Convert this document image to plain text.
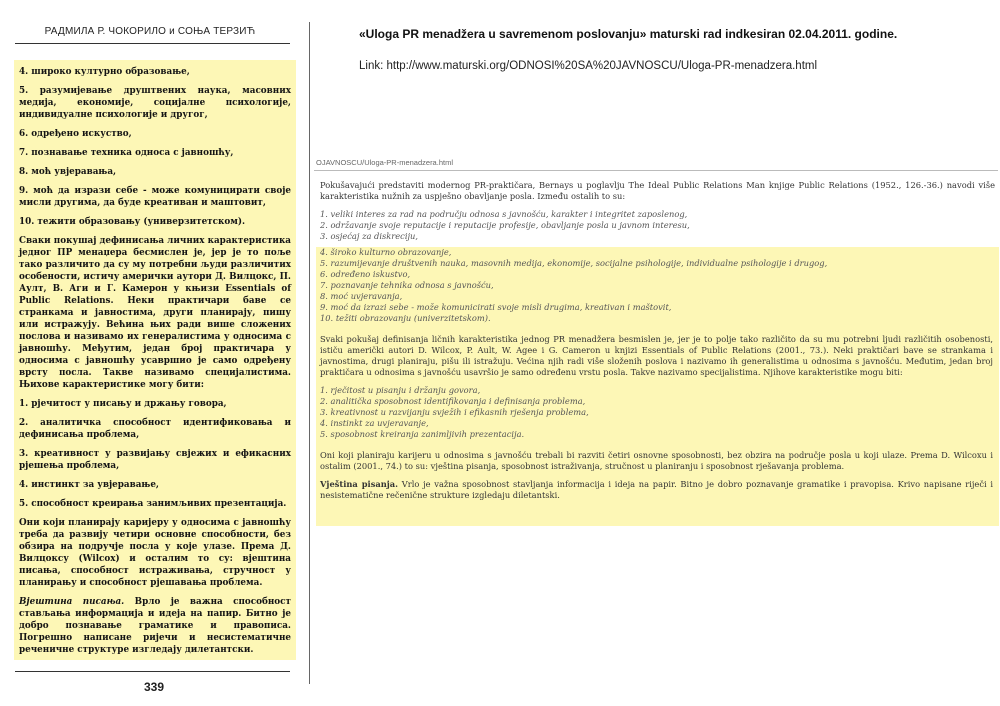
РАДМИЛА Р. ЧОКОРИЛО и СОЊА ТЕРЗИЋ

4. широко културно образовање,

5. разумијевање друштвених наука, масовних медија, економије, социјалне психологије, индивидуалне психологије и другог,

6. одређено искуство,

7. познавање техника односа с јавношћу,

8. моћ увјеравања,

9. моћ да изрази себе - може комуницирати своје мисли другима, да буде креативан и маштовит,

10. тежити образовању (универзитетском).

Сваки покушај дефинисања личних карактеристика једног ПР менаџера бесмислен је, јер је то поље тако различито да су му потребни људи различитих особености, истичу амерички аутори Д. Вилцокс, П. Аулт, В. Аги и Г. Камерон у књизи Essentials of Public Relations. Неки практичари баве се странкама и јавностима, други планирају, пишу или истражују. Већина њих ради више сложених послова и називамо их генералистима у односима с јавношћу. Међутим, један број практичара у односима с јавношћу усавршио је само одређену врсту посла. Такве називамо специјалистима. Њихове карактеристике могу бити:

1. рјечитост у писању и држању говора,

2. аналитичка способност идентификовања и дефинисања проблема,

3. креативност у развијању свјежих и ефикасних рјешења проблема,

4. инстинкт за увјеравање,

5. способност креирања занимљивих презентација.

Они који планирају каријеру у односима с јавношћу треба да развију четири основне способности, без обзира на подручје посла у које улазе. Према Д. Вилцоксу (Wilcox) и осталим то су: вјештина писања, способност истраживања, стручност у планирању и способност рјешавања проблема.

Вјештина писања. Врло је важна способност стављања информација и идеја на папир. Битно је добро познавање граматике и правописа. Погрешно написане ријечи и несистематичне реченичне структуре изгледају дилетантски.

339
«Uloga PR menadžera u savremenom poslovanju» maturski rad indkesiran 02.04.2011. godine.
Link: http://www.maturski.org/ODNOSI%20SA%20JAVNOSCU/Uloga-PR-menadzera.html
OJAVNOSCU/Uloga-PR-menadzera.html

Pokušavajući predstaviti modernog PR-praktičara, Bernays u poglavlju The Ideal Public Relations Man knjige Public Relations (1952., 126.-36.) navodi više karakteristika nužnih za uspješno obavljanje posla. Između ostalih to su:

1. veliki interes za rad na području odnosa s javnošću, karakter i integritet zaposlenog,
2. održavanje svoje reputacije i reputacije profesije, obavljanje posla u javnom interesu,
3. osjećaj za diskreciju,
4. široko kulturno obrazovanje,
5. razumijevanje društvenih nauka, masovnih medija, ekonomije, socijalne psihologije, individualne psihologije i drugog,
6. određeno iskustvo,
7. poznavanje tehnika odnosa s javnošću,
8. moć uvjeravanja,
9. moć da izrazi sebe - može komunicirati svoje misli drugima, kreativan i maštovit,
10. težiti obrazovanju (univerzitetskom).

Svaki pokušaj definisanja ličnih karakteristika jednog PR menadžera besmislen je, jer je to polje tako različito da su mu potrebni ljudi različitih osobenosti, ističu američki autori D. Wilcox, P. Ault, W. Agee i G. Cameron u knjizi Essentials of Public Relations (2001., 73.). Neki praktičari bave se strankama i javnostima, drugi planiraju, pišu ili istražuju. Većina njih radi više složenih poslova i nazivamo ih generalistima u odnosima s javnošću. Međutim, jedan broj praktičara u odnosima s javnošću usavršio je samo određenu vrstu posla. Takve nazivamo specijalistima. Njihove karakteristike mogu biti:

1. rječitost u pisanju i držanju govora,
2. analitička sposobnost identifikovanja i definisanja problema,
3. kreativnost u razvijanju svježih i efikasnih rješenja problema,
4. instinkt za uvjeravanje,
5. sposobnost kreiranja zanimljivih prezentacija.

Oni koji planiraju karijeru u odnosima s javnošću trebali bi razviti četiri osnovne sposobnosti, bez obzira na područje posla u koji ulaze. Prema D. Wilcoxu i ostalim (2001., 74.) to su: vještina pisanja, sposobnost istraživanja, stručnost u planiranju i sposobnost rješavanja problema.

Vještina pisanja. Vrlo je važna sposobnost stavljanja informacija i ideja na papir. Bitno je dobro poznavanje gramatike i pravopisa. Krivo napisane riječi i nesistematične rečenične strukture izgledaju diletantski.
